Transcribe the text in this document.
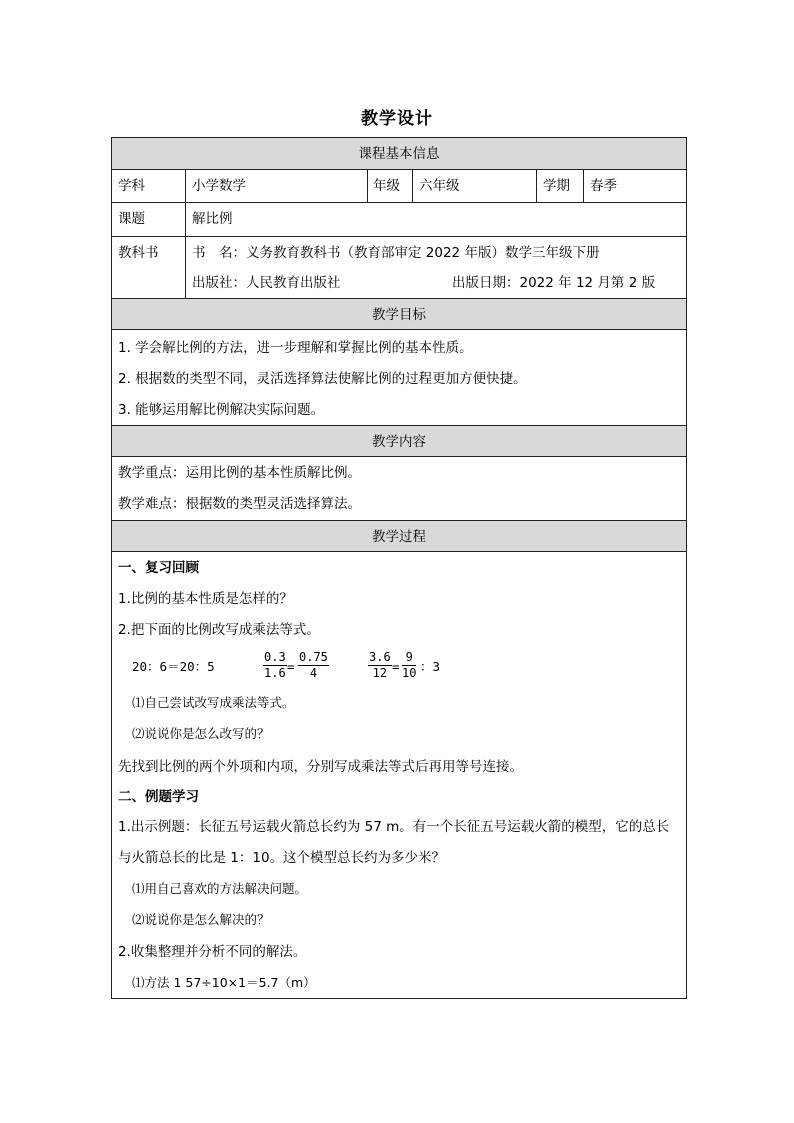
教学设计
课程基本信息
学科	小学数学	年级 六年级	学期 春季
课题	解比例
教科书 书　名：义务教育教科书（教育部审定 2022 年版）数学三年级下册
出版社：人民教育出版社	出版日期：2022 年 12 月第 2 版
教学目标
1. 学会解比例的方法，进一步理解和掌握比例的基本性质。
2. 根据数的类型不同，灵活选择算法使解比例的过程更加方便快捷。
3. 能够运用解比例解决实际问题。
教学内容
教学重点：运用比例的基本性质解比例。
教学难点：根据数的类型灵活选择算法。
教学过程
一、复习回顾
1.比例的基本性质是怎样的？
2.把下面的比例改写成乘法等式。
20：6＝20：5	$\frac{0.3}{1.6} = \frac{0.75}{4}$	$\frac{3.6}{12} = \frac{9}{10}$ ：3
⑴自己尝试改写成乘法等式。
⑵说说你是怎么改写的？
先找到比例的两个外项和内项，分别写成乘法等式后再用等号连接。
二、例题学习
1.出示例题：长征五号运载火箭总长约为 57 m。有一个长征五号运载火箭的模型，它的总长
与火箭总长的比是 1：10。这个模型总长约为多少米？
⑴用自己喜欢的方法解决问题。
⑵说说你是怎么解决的？
2.收集整理并分析不同的解法。
⑴方法 1 57÷10×1＝5.7（m）
